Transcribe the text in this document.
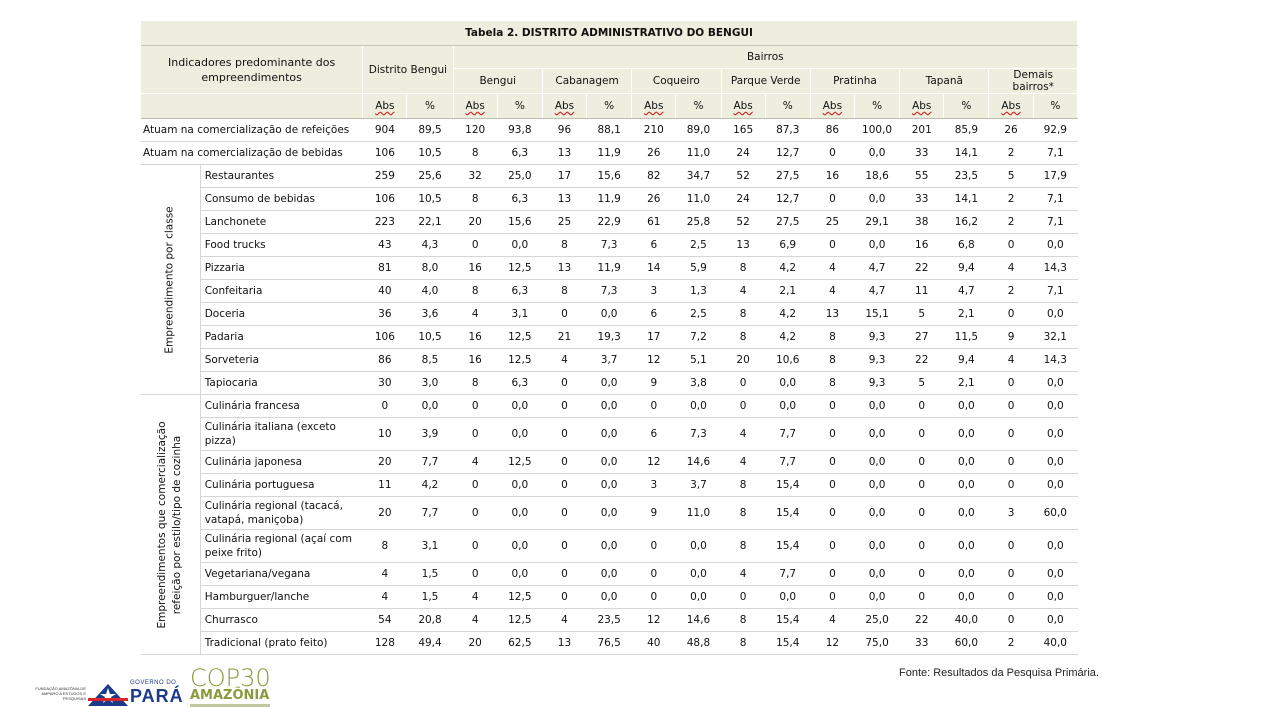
Tabela 2. DISTRITO ADMINISTRATIVO DO BENGUI																	
Indicadores predominante dos empreendimentos		Distrito Bengui		Bairros													
				Bengui		Cabanagem		Coqueiro		Parque Verde		Pratinha		Tapanã		Demais bairros*	
		Abs	%	Abs	%	Abs	%	Abs	%	Abs	%	Abs	%	Abs	%	Abs	%
Atuam na comercialização de refeições		904	89,5	120	93,8	96	88,1	210	89,0	165	87,3	86	100,0	201	85,9	26	92,9
Atuam na comercialização de bebidas		106	10,5	8	6,3	13	11,9	26	11,0	24	12,7	0	0,0	33	14,1	2	7,1

Empreendimento por classe	Restaurantes	259	25,6	32	25,0	17	15,6	82	34,7	52	27,5	16	18,6	55	23,5	5	17,9
	Consumo de bebidas	106	10,5	8	6,3	13	11,9	26	11,0	24	12,7	0	0,0	33	14,1	2	7,1
	Lanchonete	223	22,1	20	15,6	25	22,9	61	25,8	52	27,5	25	29,1	38	16,2	2	7,1
	Food trucks	43	4,3	0	0,0	8	7,3	6	2,5	13	6,9	0	0,0	16	6,8	0	0,0
	Pizzaria	81	8,0	16	12,5	13	11,9	14	5,9	8	4,2	4	4,7	22	9,4	4	14,3
	Confeitaria	40	4,0	8	6,3	8	7,3	3	1,3	4	2,1	4	4,7	11	4,7	2	7,1
	Doceria	36	3,6	4	3,1	0	0,0	6	2,5	8	4,2	13	15,1	5	2,1	0	0,0
	Padaria	106	10,5	16	12,5	21	19,3	17	7,2	8	4,2	8	9,3	27	11,5	9	32,1
	Sorveteria	86	8,5	16	12,5	4	3,7	12	5,1	20	10,6	8	9,3	22	9,4	4	14,3
	Tapiocaria	30	3,0	8	6,3	0	0,0	9	3,8	0	0,0	8	9,3	5	2,1	0	0,0

Empreendimentos que comercialização refeição por estilo/tipo de cozinha	Culinária francesa	0	0,0	0	0,0	0	0,0	0	0,0	0	0,0	0	0,0	0	0,0	0	0,0
	Culinária italiana (exceto pizza)	10	3,9	0	0,0	0	0,0	6	7,3	4	7,7	0	0,0	0	0,0	0	0,0
	Culinária japonesa	20	7,7	4	12,5	0	0,0	12	14,6	4	7,7	0	0,0	0	0,0	0	0,0
	Culinária portuguesa	11	4,2	0	0,0	0	0,0	3	3,7	8	15,4	0	0,0	0	0,0	0	0,0
	Culinária regional (tacacá, vatapá, maniçoba)	20	7,7	0	0,0	0	0,0	9	11,0	8	15,4	0	0,0	0	0,0	3	60,0
	Culinária regional (açaí com peixe frito)	8	3,1	0	0,0	0	0,0	0	0,0	8	15,4	0	0,0	0	0,0	0	0,0
	Vegetariana/vegana	4	1,5	0	0,0	0	0,0	0	0,0	4	7,7	0	0,0	0	0,0	0	0,0
	Hamburguer/lanche	4	1,5	4	12,5	0	0,0	0	0,0	0	0,0	0	0,0	0	0,0	0	0,0
	Churrasco	54	20,8	4	12,5	4	23,5	12	14,6	8	15,4	4	25,0	22	40,0	0	0,0
	Tradicional (prato feito)	128	49,4	20	62,5	13	76,5	40	48,8	8	15,4	12	75,0	33	60,0	2	40,0
Fonte: Resultados da Pesquisa Primária.
FUNDAÇÃO AMAZÔNIA DE AMPARO A ESTUDOS E PESQUISAS
GOVERNO DO
PARÁ
COP30
AMAZÔNIA
